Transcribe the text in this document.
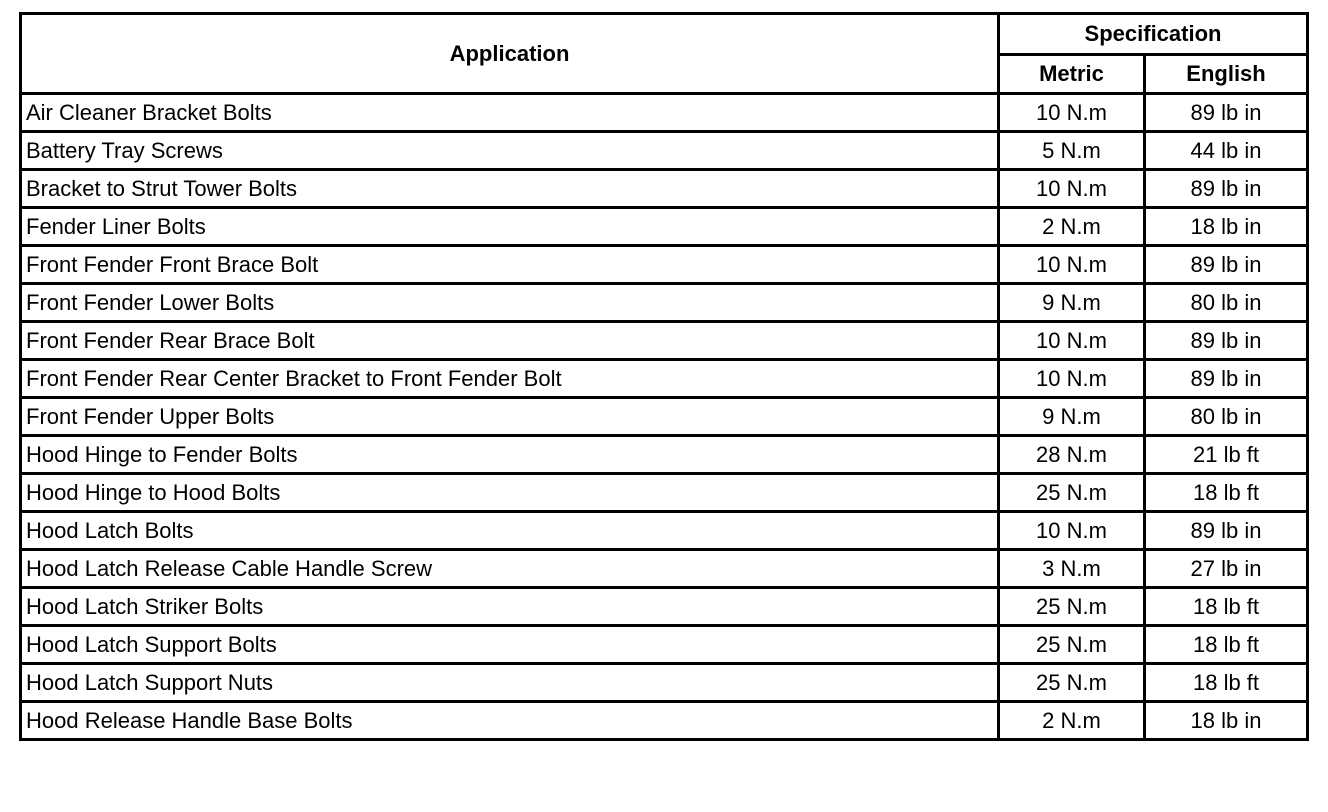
Application	Specification	
	Metric	English
Air Cleaner Bracket Bolts	10 N.m	89 lb in
Battery Tray Screws	5 N.m	44 lb in
Bracket to Strut Tower Bolts	10 N.m	89 lb in
Fender Liner Bolts	2 N.m	18 lb in
Front Fender Front Brace Bolt	10 N.m	89 lb in
Front Fender Lower Bolts	9 N.m	80 lb in
Front Fender Rear Brace Bolt	10 N.m	89 lb in
Front Fender Rear Center Bracket to Front Fender Bolt	10 N.m	89 lb in
Front Fender Upper Bolts	9 N.m	80 lb in
Hood Hinge to Fender Bolts	28 N.m	21 lb ft
Hood Hinge to Hood Bolts	25 N.m	18 lb ft
Hood Latch Bolts	10 N.m	89 lb in
Hood Latch Release Cable Handle Screw	3 N.m	27 lb in
Hood Latch Striker Bolts	25 N.m	18 lb ft
Hood Latch Support Bolts	25 N.m	18 lb ft
Hood Latch Support Nuts	25 N.m	18 lb ft
Hood Release Handle Base Bolts	2 N.m	18 lb in
